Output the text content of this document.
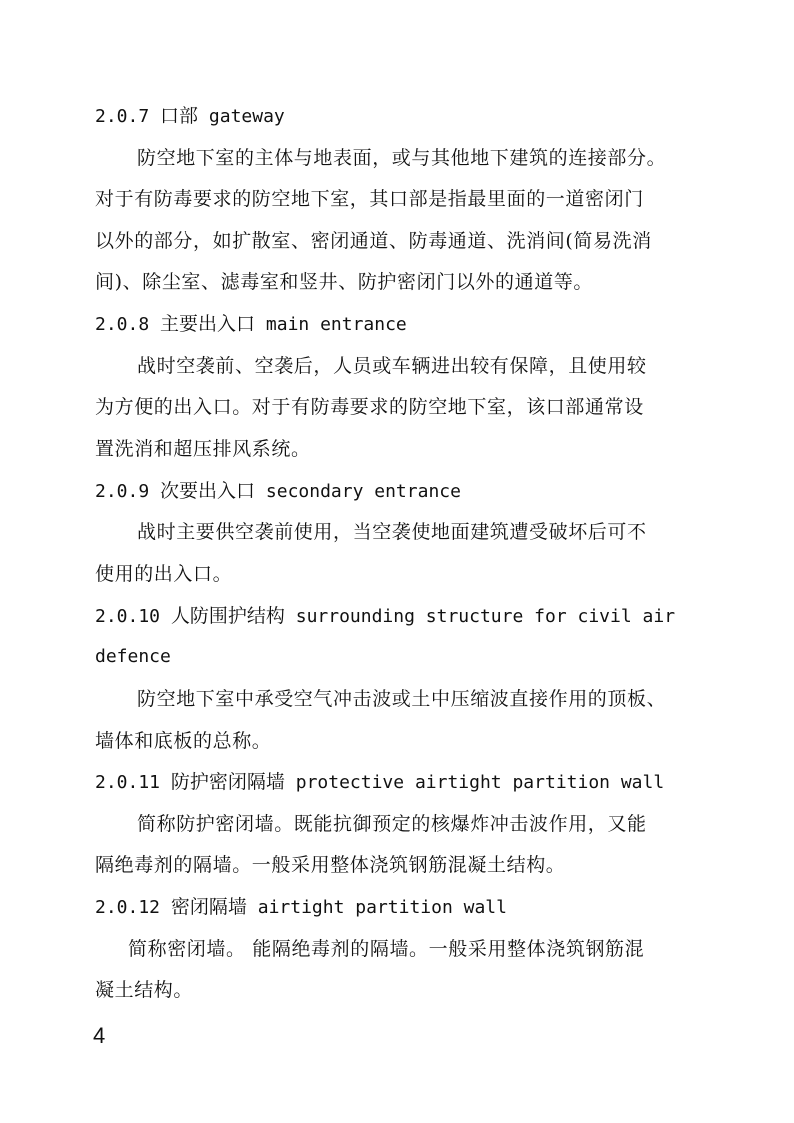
2.0.7 口部 gateway
防空地下室的主体与地表面，或与其他地下建筑的连接部分。
对于有防毒要求的防空地下室，其口部是指最里面的一道密闭门
以外的部分，如扩散室、密闭通道、防毒通道、洗消间(简易洗消
间)、除尘室、滤毒室和竖井、防护密闭门以外的通道等。
2.0.8 主要出入口 main entrance
战时空袭前、空袭后，人员或车辆进出较有保障，且使用较
为方便的出入口。对于有防毒要求的防空地下室，该口部通常设
置洗消和超压排风系统。
2.0.9 次要出入口 secondary entrance
战时主要供空袭前使用，当空袭使地面建筑遭受破坏后可不
使用的出入口。
2.0.10 人防围护结构 surrounding structure for civil air
defence
防空地下室中承受空气冲击波或土中压缩波直接作用的顶板、
墙体和底板的总称。
2.0.11 防护密闭隔墙 protective airtight partition wall
简称防护密闭墙。既能抗御预定的核爆炸冲击波作用，又能
隔绝毒剂的隔墙。一般采用整体浇筑钢筋混凝土结构。
2.0.12 密闭隔墙 airtight partition wall
简称密闭墙。 能隔绝毒剂的隔墙。一般采用整体浇筑钢筋混
凝土结构。
4
